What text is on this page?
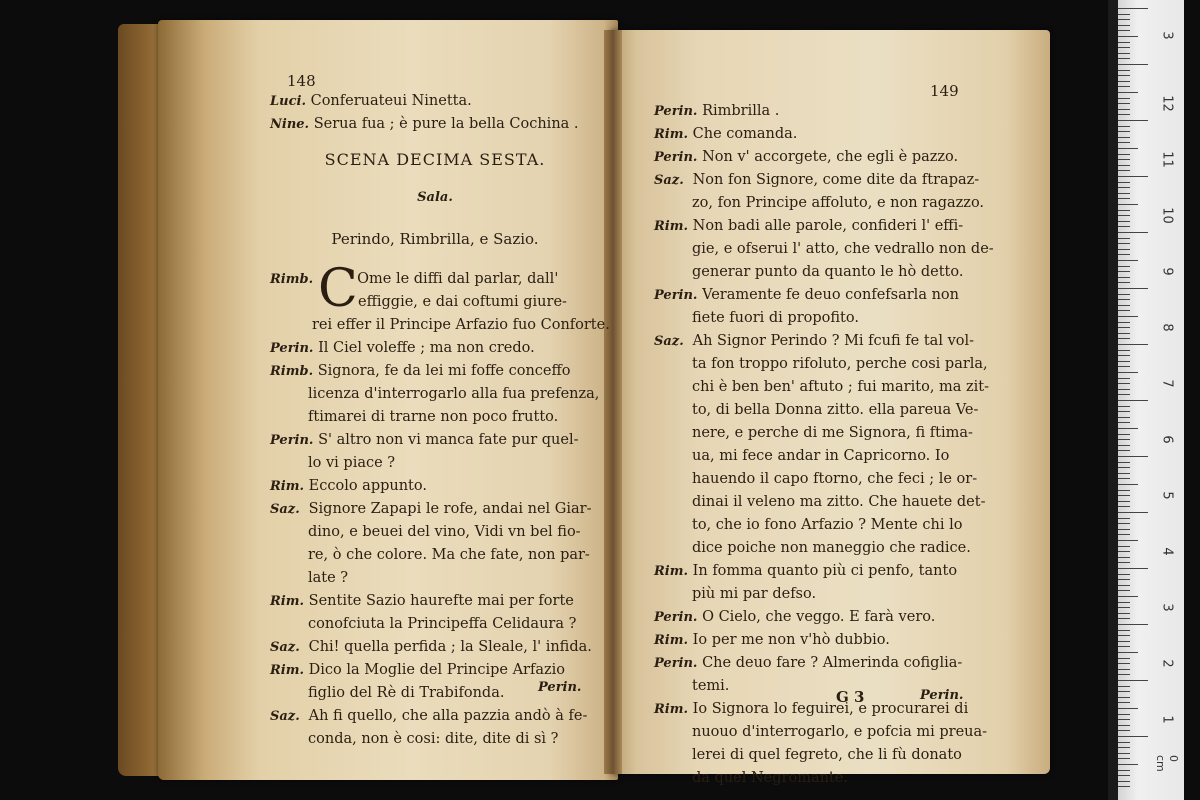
148
Luci. Conferuateui Ninetta.
Nine. Serua fua ; è pure la bella Cochina .
SCENA DECIMA SESTA.
Sala.
Perindo, Rimbrilla, e Sazio.
C
Rimb.	Ome le diffi dal parlar, dall'
effiggie, e dai coftumi giure-
rei effer il Principe Arfazio fuo Conforte.
Perin. Il Ciel voleffe ; ma non credo.
Rimb. Signora, fe da lei mi foffe conceffo
licenza d'interrogarlo alla fua prefenza,
ftimarei di trarne non poco frutto.
Perin. S' altro non vi manca fate pur quel-
lo vi piace ?
Rim. Eccolo appunto.
Saz. Signore Zapapi le rofe, andai nel Giar-
dino, e beuei del vino, Vidi vn bel fio-
re, ò che colore. Ma che fate, non par-
late ?
Rim. Sentite Sazio haurefte mai per forte
conofciuta la Principeffa Celidaura ?
Saz. Chi! quella perfida ; la Sleale, l' infida.
Rim. Dico la Moglie del Principe Arfazio
figlio del Rè di Trabifonda.
Saz. Ah fi quello, che alla pazzia andò à fe-
conda, non è cosi: dite, dite di sì ?
Perin.
149
Perin. Rimbrilla .
Rim. Che comanda.
Perin. Non v' accorgete, che egli è pazzo.
Saz. Non fon Signore, come dite da ftrapaz-
zo, fon Principe affoluto, e non ragazzo.
Rim. Non badi alle parole, confideri l' effi-
gie, e ofserui l' atto, che vedrallo non de-
generar punto da quanto le hò detto.
Perin. Veramente fe deuo confefsarla non
fiete fuori di propofito.
Saz. Ah Signor Perindo ? Mi fcufi fe tal vol-
ta fon troppo rifoluto, perche cosi parla,
chi è ben ben' aftuto ; fui marito, ma zit-
to, di bella Donna zitto. ella pareua Ve-
nere, e perche di me Signora, fi ftima-
ua, mi fece andar in Capricorno. Io
hauendo il capo ftorno, che feci ; le or-
dinai il veleno ma zitto. Che hauete det-
to, che io fono Arfazio ? Mente chi lo
dice poiche non maneggio che radice.
Rim. In fomma quanto più ci penfo, tanto
più mi par defso.
Perin. O Cielo, che veggo. E farà vero.
Rim. Io per me non v'hò dubbio.
Perin. Che deuo fare ? Almerinda cofiglia-
temi.
Rim. Io Signora lo feguirei, e procurarei di
nuouo d'interrogarlo, e pofcia mi preua-
lerei di quel fegreto, che li fù donato
da quel Negromante.
G 3	Perin.
3
12
11
10
9
8
7
6
5
4
3
2
1
0 cm
